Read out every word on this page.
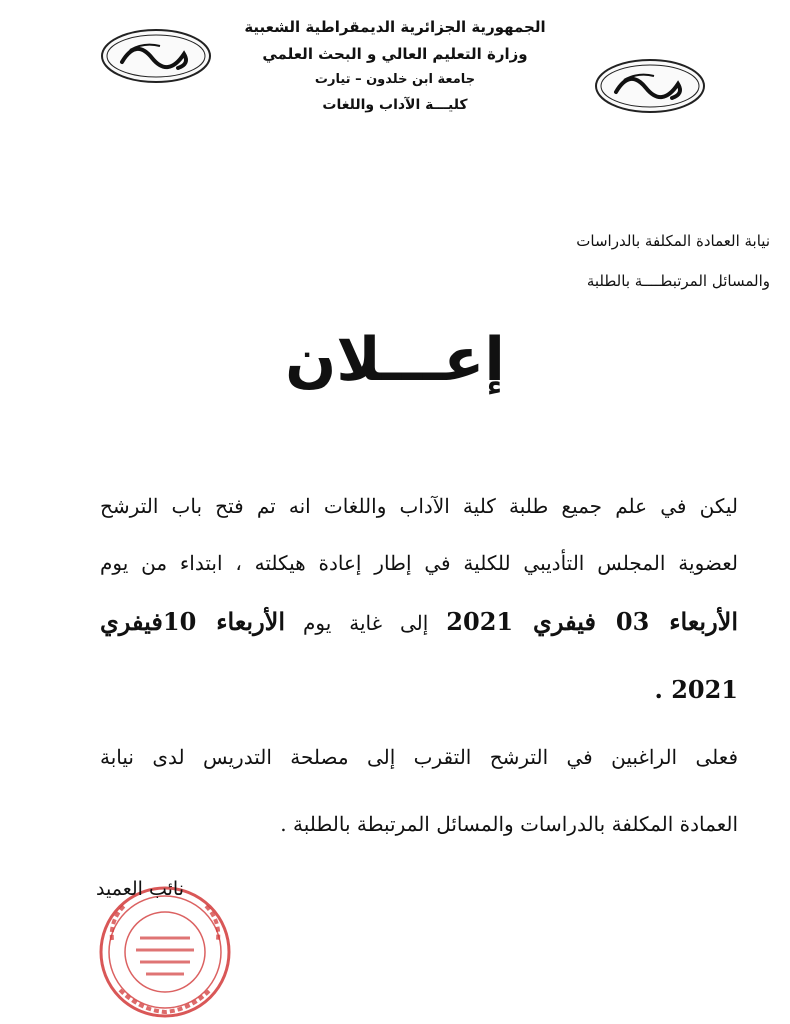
الجمهورية الجزائرية الديمقراطية الشعبية
وزارة التعليم العالي و البحث العلمي
جامعة ابن خلدون – تيارت
كليـــة الآداب واللغات
نيابة العمادة المكلفة بالدراسات
والمسائل المرتبطــــة بالطلبة
إعـــلان
ليكن في علم جميع طلبة كلية الآداب واللغات انه تم فتح باب الترشح
لعضوية المجلس التأديبي للكلية في إطار إعادة هيكلته ، ابتداء من يوم
الأربعاء 03 فيفري 2021 إلى غاية يوم الأربعاء 10فيفري
2021 .
فعلى الراغبين في الترشح التقرب إلى مصلحة التدريس لدى نيابة
العمادة المكلفة بالدراسات والمسائل المرتبطة بالطلبة .
نائب العميد
